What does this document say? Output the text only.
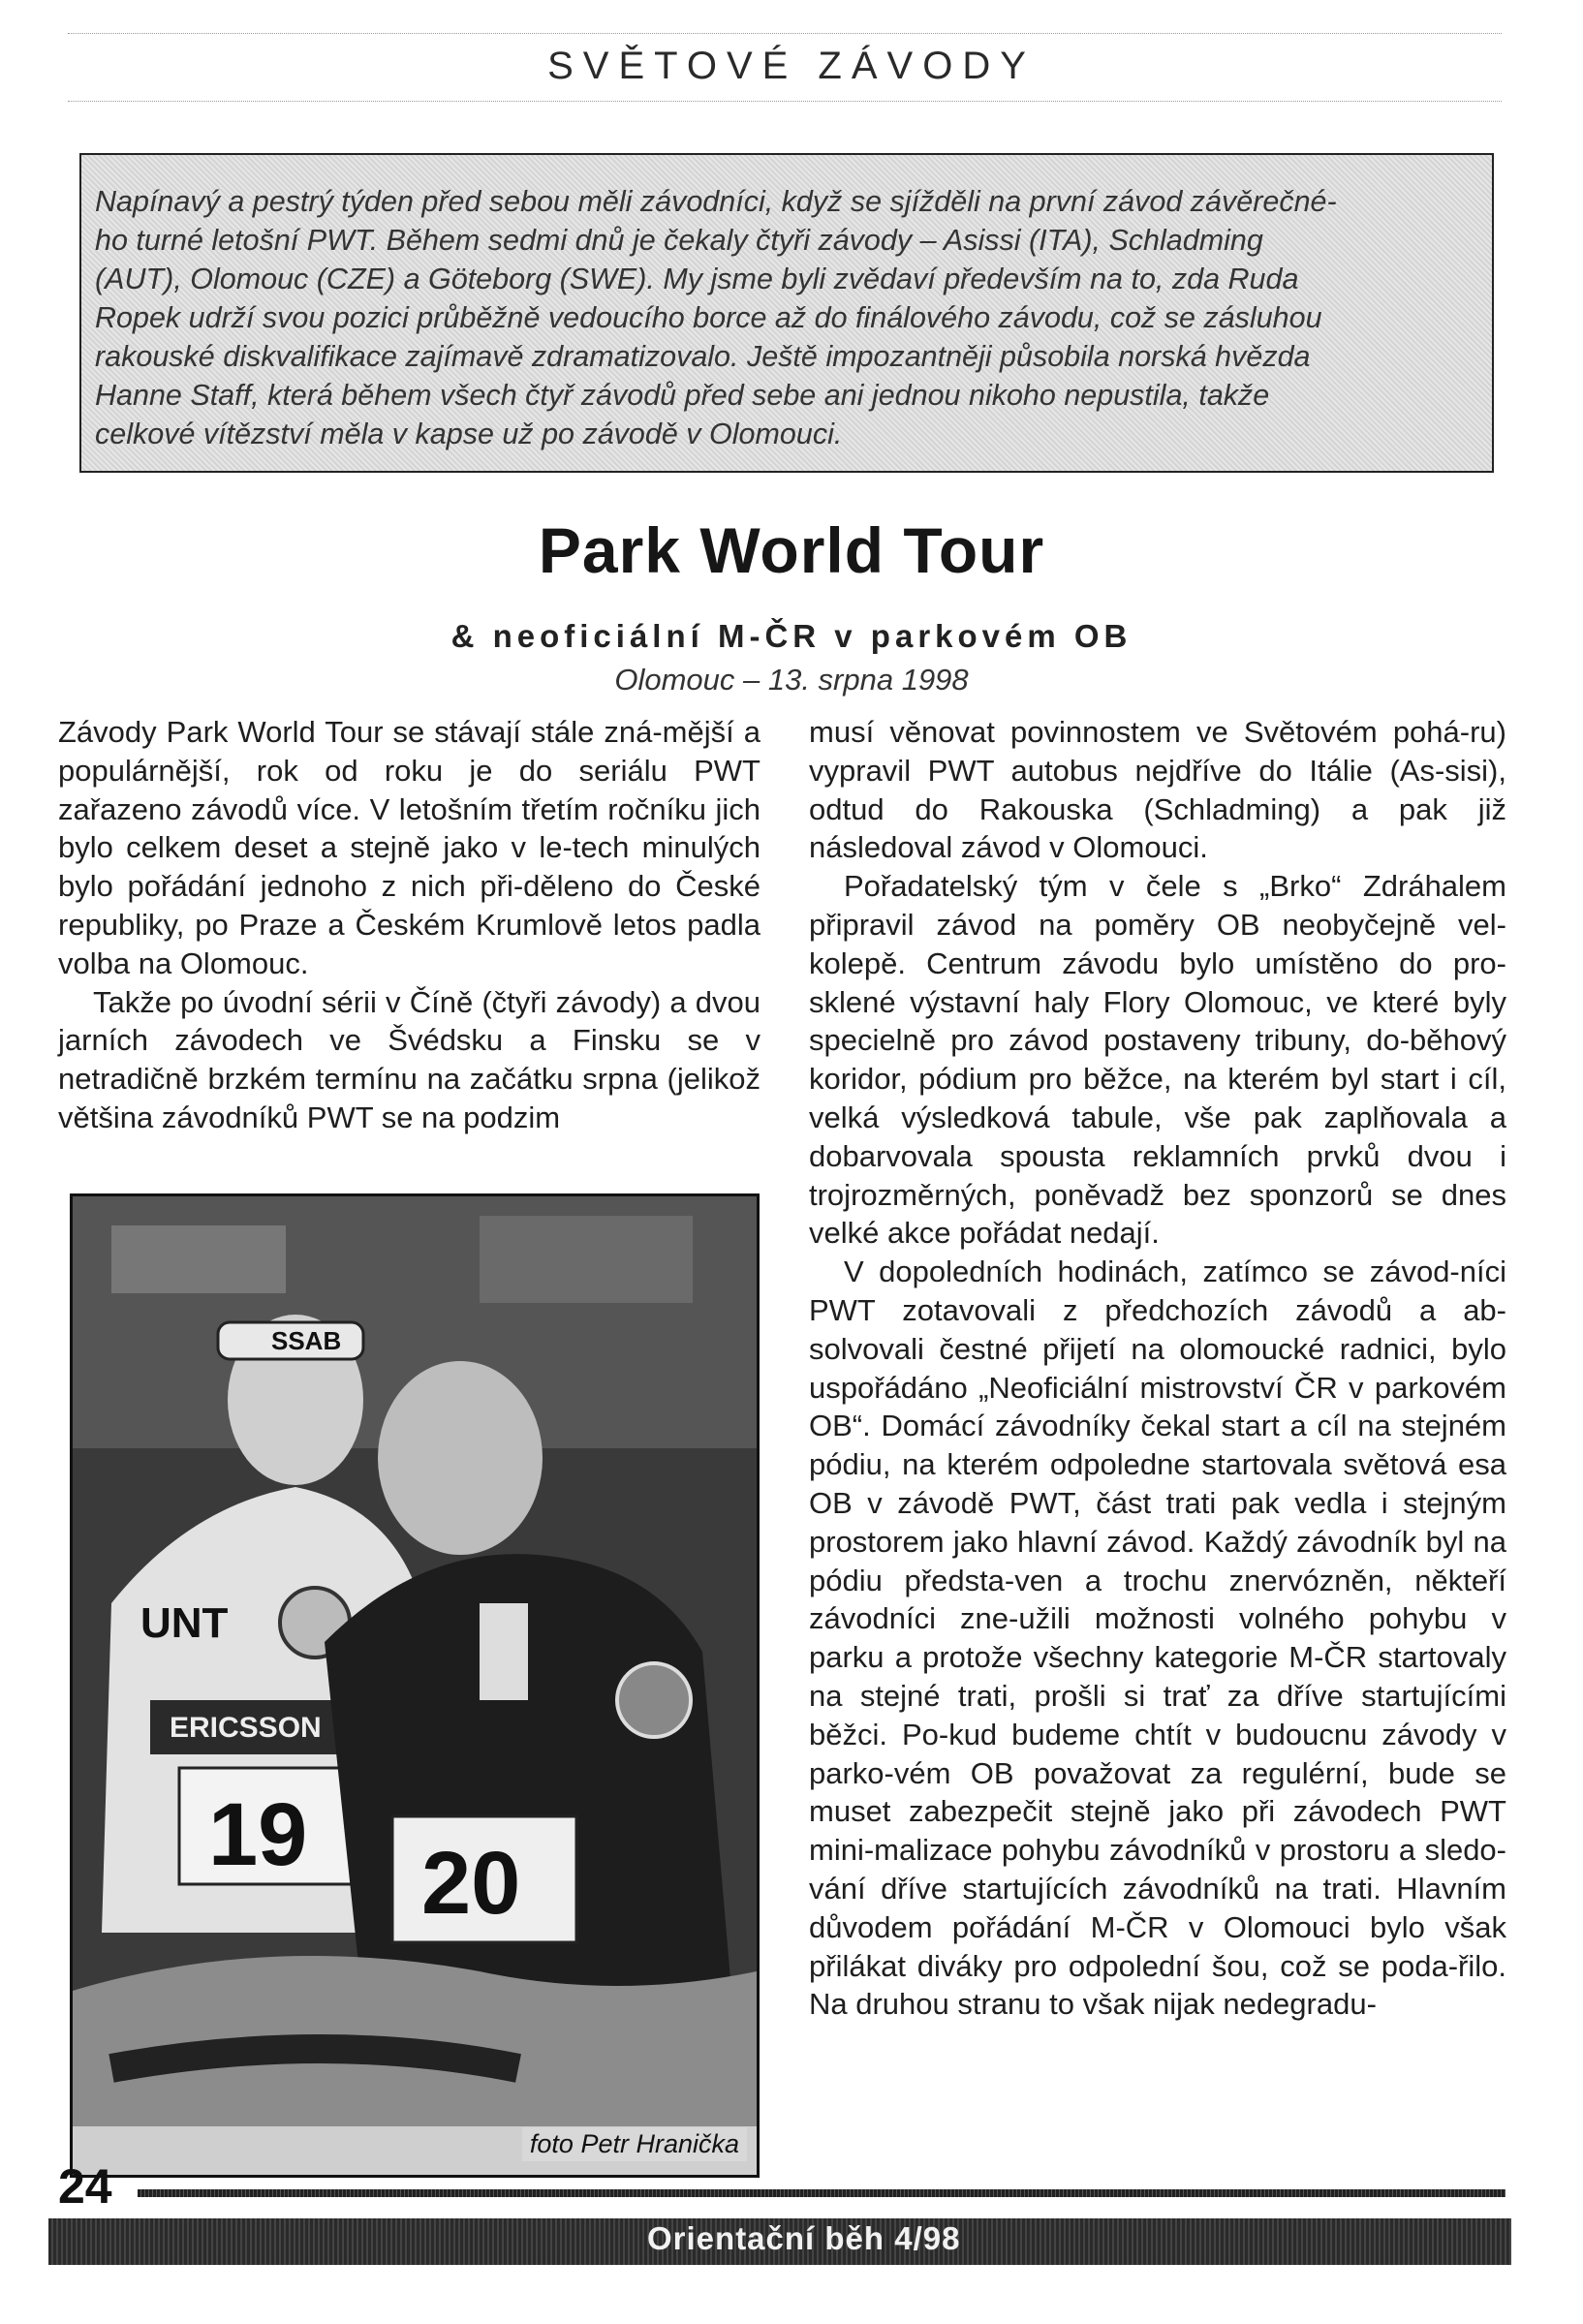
SVĚTOVÉ ZÁVODY

Napínavý a pestrý týden před sebou měli závodníci, když se sjížděli na první závod závěrečné-

ho turné letošní PWT. Během sedmi dnů je čekaly čtyři závody – Asissi (ITA), Schladming

(AUT), Olomouc (CZE) a Göteborg (SWE). My jsme byli zvědaví především na to, zda Ruda

Ropek udrží svou pozici průběžně vedoucího borce až do finálového závodu, což se zásluhou

rakouské diskvalifikace zajímavě zdramatizovalo. Ještě impozantněji působila norská hvězda

Hanne Staff, která během všech čtyř závodů před sebe ani jednou nikoho nepustila, takže

celkové vítězství měla v kapse už po závodě v Olomouci.

Park World Tour
& neoficiální M-ČR v parkovém OB
Olomouc – 13. srpna 1998

Závody Park World Tour se stávají stále zná-mější a populárnější, rok od roku je do seriálu PWT zařazeno závodů více. V letošním třetím ročníku jich bylo celkem deset a stejně jako v le-tech minulých bylo pořádání jednoho z nich při-děleno do České republiky, po Praze a Českém Krumlově letos padla volba na Olomouc.

Takže po úvodní sérii v Číně (čtyři závody) a dvou jarních závodech ve Švédsku a Finsku se v netradičně brzkém termínu na začátku srpna (jelikož většina závodníků PWT se na podzim

musí věnovat povinnostem ve Světovém pohá-ru) vypravil PWT autobus nejdříve do Itálie (As-sisi), odtud do Rakouska (Schladming) a pak již následoval závod v Olomouci.

Pořadatelský tým v čele s „Brko“ Zdráhalem připravil závod na poměry OB neobyčejně vel-kolepě. Centrum závodu bylo umístěno do pro-sklené výstavní haly Flory Olomouc, ve které byly specielně pro závod postaveny tribuny, do-běhový koridor, pódium pro běžce, na kterém byl start i cíl, velká výsledková tabule, vše pak zaplňovala a dobarvovala spousta reklamních prvků dvou i trojrozměrných, poněvadž bez sponzorů se dnes velké akce pořádat nedají.

V dopoledních hodinách, zatímco se závod-níci PWT zotavovali z předchozích závodů a ab-solvovali čestné přijetí na olomoucké radnici, bylo uspořádáno „Neoficiální mistrovství ČR v parkovém OB“. Domácí závodníky čekal start a cíl na stejném pódiu, na kterém odpoledne startovala světová esa OB v závodě PWT, část trati pak vedla i stejným prostorem jako hlavní závod. Každý závodník byl na pódiu předsta-ven a trochu znervózněn, někteří závodníci zne-užili možnosti volného pohybu v parku a protože všechny kategorie M-ČR startovaly na stejné trati, prošli si trať za dříve startujícími běžci. Po-kud budeme chtít v budoucnu závody v parko-vém OB považovat za regulérní, bude se muset zabezpečit stejně jako při závodech PWT mini-malizace pohybu závodníků v prostoru a sledo-vání dříve startujících závodníků na trati. Hlavním důvodem pořádání M-ČR v Olomouci bylo však přilákat diváky pro odpolední šou, což se poda-řilo. Na druhou stranu to však nijak nedegradu-

SSAB
UNT
ERICSSON
19 20
foto Petr Hranička
24
Orientační běh 4/98
